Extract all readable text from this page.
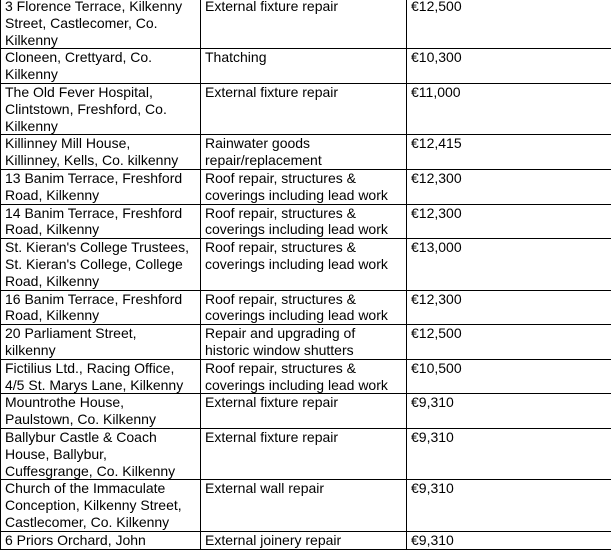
3 Florence Terrace, Kilkenny
Street, Castlecomer, Co.
Kilkenny	External fixture repair	€12,500
Cloneen, Crettyard, Co.
Kilkenny	Thatching	€10,300
The Old Fever Hospital,
Clintstown, Freshford, Co.
Kilkenny	External fixture repair	€11,000
Killinney Mill House,
Killinney, Kells, Co. kilkenny	Rainwater goods
repair/replacement	€12,415
13 Banim Terrace, Freshford
Road, Kilkenny	Roof repair, structures &
coverings including lead work	€12,300
14 Banim Terrace, Freshford
Road, Kilkenny	Roof repair, structures &
coverings including lead work	€12,300
St. Kieran's College Trustees,
St. Kieran's College, College
Road, Kilkenny	Roof repair, structures &
coverings including lead work	€13,000
16 Banim Terrace, Freshford
Road, Kilkenny	Roof repair, structures &
coverings including lead work	€12,300
20 Parliament Street,
kilkenny	Repair and upgrading of
historic window shutters	€12,500
Fictilius Ltd., Racing Office,
4/5 St. Marys Lane, Kilkenny	Roof repair, structures &
coverings including lead work	€10,500
Mountrothe House,
Paulstown, Co. Kilkenny	External fixture repair	€9,310
Ballybur Castle & Coach
House, Ballybur,
Cuffesgrange, Co. Kilkenny	External fixture repair	€9,310
Church of the Immaculate
Conception, Kilkenny Street,
Castlecomer, Co. Kilkenny	External wall repair	€9,310
6 Priors Orchard, John	External joinery repair	€9,310
